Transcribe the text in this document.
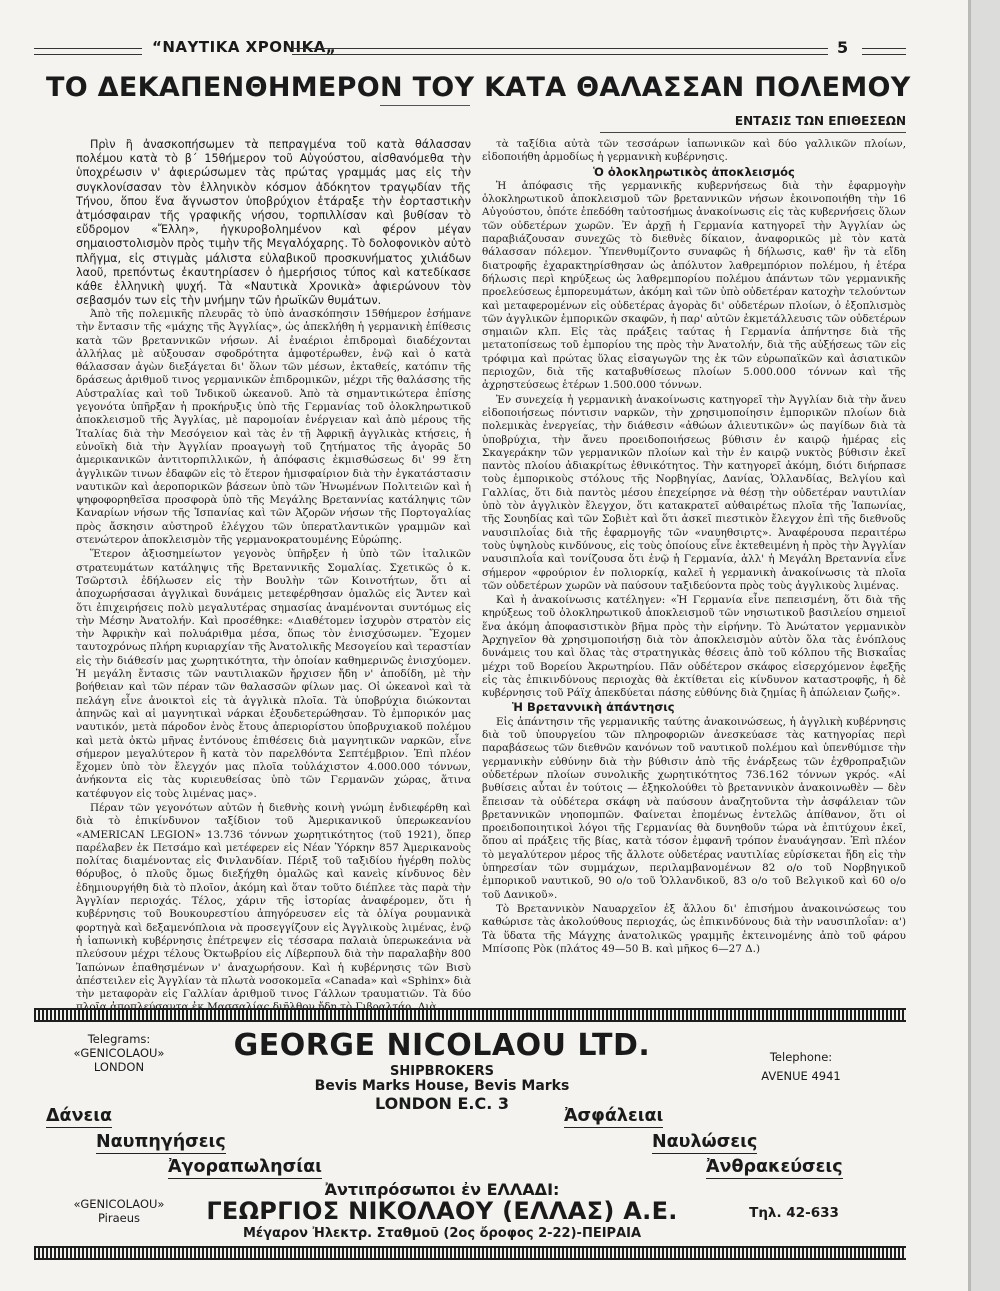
“ΝΑΥΤΙΚΑ ΧΡΟΝΙΚΑ„	5
ΤΟ ΔΕΚΑΠΕΝΘΗΜΕΡΟΝ ΤΟΥ ΚΑΤΑ ΘΑΛΑΣΣΑΝ ΠΟΛΕΜΟΥ
ΕΝΤΑΣΙΣ ΤΩΝ ΕΠΙΘΕΣΕΩΝ

Πρὶν ἢ ἀνασκοπήσωμεν τὰ πεπραγμένα τοῦ κατὰ θάλασσαν πολέμου κατὰ τὸ β΄ 15θήμερον τοῦ Αὐγούστου, αἰσθανόμεθα τὴν ὑποχρέωσιν ν' ἀφιερώσωμεν τὰς πρώτας γραμμάς μας εἰς τὴν συγκλονίσασαν τὸν ἑλληνικὸν κόσμον ἀδόκητον τραγῳδίαν τῆς Τήνου, ὅπου ἕνα ἄγνωστον ὑποβρύχιον ἐτάραξε τὴν ἑορταστικὴν ἀτμόσφαιραν τῆς γραφικῆς νήσου, τορπιλλίσαν καὶ βυθίσαν τὸ εὔδρομον «Ἔλλη», ἠγκυροβολημένον καὶ φέρον μέγαν σημαιοστολισμὸν πρὸς τιμὴν τῆς Μεγαλόχαρης. Τὸ δολοφονικὸν αὐτὸ πλῆγμα, εἰς στιγμὰς μάλιστα εὐλαβικοῦ προσκυνήματος χιλιάδων λαοῦ, πρεπόντως ἐκαυτηρίασεν ὁ ἡμερήσιος τύπος καὶ κατεδίκασε κάθε ἑλληνικὴ ψυχή. Τὰ «Ναυτικὰ Χρονικὰ» ἀφιερώνουν τὸν σεβασμόν των εἰς τὴν μνήμην τῶν ἡρωϊκῶν θυμάτων.

Ἀπὸ τῆς πολεμικῆς πλευρᾶς τὸ ὑπὸ ἀνασκόπησιν 15θήμερον ἐσήμανε τὴν ἔντασιν τῆς «μάχης τῆς Ἀγγλίας», ὡς ἀπεκλήθη ἡ γερμανικὴ ἐπίθεσις κατὰ τῶν βρεταννικῶν νήσων. Αἱ ἐναέριοι ἐπιδρομαὶ διαδέχονται ἀλλήλας μὲ αὐξουσαν σφοδρότητα ἀμφοτέρωθεν, ἐνῷ καὶ ὁ κατὰ θάλασσαν ἀγὼν διεξάγεται δι' ὅλων τῶν μέσων, ἐκταθείς, κατόπιν τῆς δράσεως ἀριθμοῦ τινος γερμανικῶν ἐπιδρομικῶν, μέχρι τῆς θαλάσσης τῆς Αὐστραλίας καὶ τοῦ Ἰνδικοῦ ὠκεανοῦ. Ἀπὸ τὰ σημαντικώτερα ἐπίσης γεγονότα ὑπῆρξαν ἡ προκήρυξις ὑπὸ τῆς Γερμανίας τοῦ ὁλοκληρωτικοῦ ἀποκλεισμοῦ τῆς Ἀγγλίας, μὲ παρομοίαν ἐνέργειαν καὶ ἀπὸ μέρους τῆς Ἰταλίας διὰ τὴν Μεσόγειον καὶ τὰς ἐν τῇ Ἀφρικῇ ἀγγλικὰς κτήσεις, ἡ εὐνοϊκὴ διὰ τὴν Ἀγγλίαν προαγωγὴ τοῦ ζητήματος τῆς ἀγορᾶς 50 ἀμερικανικῶν ἀντιτορπιλλικῶν, ἡ ἀπόφασις ἐκμισθώσεως δι' 99 ἔτη ἀγγλικῶν τινων ἐδαφῶν εἰς τὸ ἕτερον ἡμισφαίριον διὰ τὴν ἐγκατάστασιν ναυτικῶν καὶ ἀεροπορικῶν βάσεων ὑπὸ τῶν Ἡνωμένων Πολιτειῶν καὶ ἡ ψηφοφορηθεῖσα προσφορὰ ὑπὸ τῆς Μεγάλης Βρεταννίας κατάληψις τῶν Καναρίων νήσων τῆς Ἱσπανίας καὶ τῶν Ἀζορῶν νήσων τῆς Πορτογαλίας πρὸς ἄσκησιν αὐστηροῦ ἐλέγχου τῶν ὑπερατλαντικῶν γραμμῶν καὶ στενώτερον ἀποκλεισμὸν τῆς γερμανοκρατουμένης Εὐρώπης.

Ἕτερον ἀξιοσημείωτον γεγονὸς ὑπῆρξεν ἡ ὑπὸ τῶν ἰταλικῶν στρατευμάτων κατάληψις τῆς Βρεταννικῆς Σομαλίας. Σχετικῶς ὁ κ. Τσῶρτσιλ ἐδήλωσεν εἰς τὴν Βουλὴν τῶν Κοινοτήτων, ὅτι αἱ ἀποχωρήσασαι ἀγγλικαὶ δυνάμεις μετεφέρθησαν ὁμαλῶς εἰς Ἄντεν καὶ ὅτι ἐπιχειρήσεις πολὺ μεγαλυτέρας σημασίας ἀναμένονται συντόμως εἰς τὴν Μέσην Ἀνατολήν. Καὶ προσέθηκε: «Διαθέτομεν ἰσχυρὸν στρατὸν εἰς τὴν Ἀφρικὴν καὶ πολυάριθμα μέσα, ὅπως τὸν ἐνισχύσωμεν. Ἔχομεν ταυτοχρόνως πλήρη κυριαρχίαν τῆς Ἀνατολικῆς Μεσογείου καὶ τεραστίαν εἰς τὴν διάθεσίν μας χωρητικότητα, τὴν ὁποίαν καθημερινῶς ἐνισχύομεν. Ἡ μεγάλη ἔντασις τῶν ναυτιλιακῶν ἤρχισεν ἤδη ν' ἀποδίδη, μὲ τὴν βοήθειαν καὶ τῶν πέραν τῶν θαλασσῶν φίλων μας. Οἱ ὠκεανοὶ καὶ τὰ πελάγη εἶνε ἀνοικτοὶ εἰς τὰ ἀγγλικὰ πλοῖα. Τὰ ὑποβρύχια διώκονται ἀπηνῶς καὶ αἱ μαγνητικαὶ νάρκαι ἐξουδετερώθησαν. Τὸ ἐμπορικόν μας ναυτικόν, μετὰ πάροδον ἑνὸς ἔτους ἀπεριορίστου ὑποβρυχιακοῦ πολέμου καὶ μετὰ ὀκτὼ μῆνας ἐντόνους ἐπιθέσεις διὰ μαγνητικῶν ναρκῶν, εἶνε σήμερον μεγαλύτερον ἢ κατὰ τὸν παρελθόντα Σεπτέμβριον. Ἐπὶ πλέον ἔχομεν ὑπὸ τὸν ἔλεγχόν μας πλοῖα τοὐλάχιστον 4.000.000 τόννων, ἀνήκοντα εἰς τὰς κυριευθείσας ὑπὸ τῶν Γερμανῶν χώρας, ἅτινα κατέφυγον εἰς τοὺς λιμένας μας».

Πέραν τῶν γεγονότων αὐτῶν ἡ διεθνὴς κοινὴ γνώμη ἐνδιεφέρθη καὶ διὰ τὸ ἐπικίνδυνον ταξίδιον τοῦ Ἀμερικανικοῦ ὑπερωκεανίου «AMERICAN LEGION» 13.736 τόννων χωρητικότητος (τοῦ 1921), ὅπερ παρέλαβεν ἐκ Πετσάμο καὶ μετέφερεν εἰς Νέαν Ὑόρκην 857 Ἀμερικανοὺς πολίτας διαμένοντας εἰς Φινλανδίαν. Πέριξ τοῦ ταξιδίου ἠγέρθη πολὺς θόρυβος, ὁ πλοῦς ὅμως διεξήχθη ὁμαλῶς καὶ κανεὶς κίνδυνος δὲν ἐδημιουργήθη διὰ τὸ πλοῖον, ἀκόμη καὶ ὅταν τοῦτο διέπλεε τὰς παρὰ τὴν Ἀγγλίαν περιοχάς. Τέλος, χάριν τῆς ἱστορίας ἀναφέρομεν, ὅτι ἡ κυβέρνησις τοῦ Βουκουρεστίου ἀπηγόρευσεν εἰς τὰ ὀλίγα ρουμανικὰ φορτηγὰ καὶ δεξαμενόπλοια νὰ προσεγγίζουν εἰς Ἀγγλικοὺς λιμένας, ἐνῷ ἡ ἰαπωνικὴ κυβέρνησις ἐπέτρεψεν εἰς τέσσαρα παλαιὰ ὑπερωκεάνια νὰ πλεύσουν μέχρι τέλους Ὀκτωβρίου εἰς Λίβερπουλ διὰ τὴν παραλαβὴν 800 Ἰαπώνων ἐπαθησμένων ν' ἀναχωρήσουν. Καὶ ἡ κυβέρνησις τῶν Βισὺ ἀπέστειλεν εἰς Ἀγγλίαν τὰ πλωτὰ νοσοκομεῖα «Canada» καὶ «Sphinx» διὰ τὴν μεταφορὰν εἰς Γαλλίαν ἀριθμοῦ τινος Γάλλων τραυματιῶν. Τὰ δύο

τὰ ταξίδια αὐτὰ τῶν τεσσάρων ἰαπωνικῶν καὶ δύο γαλλικῶν πλοίων, εἰδοποιήθη ἁρμοδίως ἡ γερμανικὴ κυβέρνησις.

Ὁ ὁλοκληρωτικὸς ἀποκλεισμός

Ἡ ἀπόφασις τῆς γερμανικῆς κυβερνήσεως διὰ τὴν ἐφαρμογὴν ὁλοκληρωτικοῦ ἀποκλεισμοῦ τῶν βρεταννικῶν νήσων ἐκοινοποιήθη τὴν 16 Αὐγούστου, ὁπότε ἐπεδόθη ταὐτοσήμως ἀνακοίνωσις εἰς τὰς κυβερνήσεις ὅλων τῶν οὐδετέρων χωρῶν. Ἐν ἀρχῇ ἡ Γερμανία κατηγορεῖ τὴν Ἀγγλίαν ὡς παραβιάζουσαν συνεχῶς τὸ διεθνὲς δίκαιον, ἀναφορικῶς μὲ τὸν κατὰ θάλασσαν πόλεμον. Ὑπενθυμίζοντο συναφῶς ἡ δήλωσις, καθ' ἣν τὰ εἴδη διατροφῆς ἐχαρακτηρίσθησαν ὡς ἀπόλυτον λαθρεμπόριον πολέμου, ἡ ἑτέρα δήλωσις περὶ κηρύξεως ὡς λαθρεμπορίου πολέμου ἁπάντων τῶν γερμανικῆς προελεύσεως ἐμπορευμάτων, ἀκόμη καὶ τῶν ὑπὸ οὐδετέραν κατοχὴν τελούντων καὶ μεταφερομένων εἰς οὐδετέρας ἀγορὰς δι' οὐδετέρων πλοίων, ὁ ἐξοπλισμὸς τῶν ἀγγλικῶν ἐμπορικῶν σκαφῶν, ἡ παρ' αὐτῶν ἐκμετάλλευσις τῶν οὐδετέρων σημαιῶν κλπ. Εἰς τὰς πράξεις ταύτας ἡ Γερμανία ἀπήντησε διὰ τῆς μετατοπίσεως τοῦ ἐμπορίου της πρὸς τὴν Ἀνατολήν, διὰ τῆς αὐξήσεως τῶν εἰς τρόφιμα καὶ πρώτας ὕλας εἰσαγωγῶν της ἐκ τῶν εὐρωπαϊκῶν καὶ ἀσιατικῶν περιοχῶν, διὰ τῆς καταβυθίσεως πλοίων 5.000.000 τόννων καὶ τῆς ἀχρηστεύσεως ἑτέρων 1.500.000 τόννων.

Ἐν συνεχείᾳ ἡ γερμανικὴ ἀνακοίνωσις κατηγορεῖ τὴν Ἀγγλίαν διὰ τὴν ἄνευ εἰδοποιήσεως πόντισιν ναρκῶν, τὴν χρησιμοποίησιν ἐμπορικῶν πλοίων διὰ πολεμικὰς ἐνεργείας, τὴν διάθεσιν «ἀθώων ἁλιευτικῶν» ὡς παγίδων διὰ τὰ ὑποβρύχια, τὴν ἄνευ προειδοποιήσεως βύθισιν ἐν καιρῷ ἡμέρας εἰς Σκαγεράκην τῶν γερμανικῶν πλοίων καὶ τὴν ἐν καιρῷ νυκτὸς βύθισιν ἐκεῖ παντὸς πλοίου ἀδιακρίτως ἐθνικότητος. Τὴν κατηγορεῖ ἀκόμη, διότι διήρπασε τοὺς ἐμπορικοὺς στόλους τῆς Νορβηγίας, Δανίας, Ὁλλανδίας, Βελγίου καὶ Γαλλίας, ὅτι διὰ παντὸς μέσου ἐπεχείρησε νὰ θέσῃ τὴν οὐδετέραν ναυτιλίαν ὑπὸ τὸν ἀγγλικὸν ἔλεγχον, ὅτι κατακρατεῖ αὐθαιρέτως πλοῖα τῆς Ἰαπωνίας, τῆς Σουηδίας καὶ τῶν Σοβιὲτ καὶ ὅτι ἀσκεῖ πιεστικὸν ἔλεγχον ἐπὶ τῆς διεθνοῦς ναυσιπλοΐας διὰ τῆς ἐφαρμογῆς τῶν «ναυηθσιρτς». Ἀναφέρουσα περαιτέρω τοὺς ὑψηλοὺς κινδύνους, εἰς τοὺς ὁποίους εἶνε ἐκτεθειμένη ἡ πρὸς τὴν Ἀγγλίαν ναυσιπλοΐα καὶ τονίζουσα ὅτι ἐνῷ ἡ Γερμανία, ἀλλ' ἡ Μεγάλη Βρεταννία εἶνε σήμερον «φρούριον ἐν πολιορκίᾳ, καλεῖ ἡ γερμανικὴ ἀνακοίνωσις τὰ πλοῖα τῶν οὐδετέρων χωρῶν νὰ παύσουν ταξιδεύοντα πρὸς τοὺς ἀγγλικοὺς λιμένας.

Καὶ ἡ ἀνακοίνωσις κατέληγεν: «Ἡ Γερμανία εἶνε πεπεισμένη, ὅτι διὰ τῆς κηρύξεως τοῦ ὁλοκληρωτικοῦ ἀποκλεισμοῦ τῶν νησιωτικοῦ βασιλείου σημειοῖ ἕνα ἀκόμη ἀποφασιστικὸν βῆμα πρὸς τὴν εἰρήνην. Τὸ Ἀνώτατον γερμανικὸν Ἀρχηγεῖον θὰ χρησιμοποιήσῃ διὰ τὸν ἀποκλεισμὸν αὐτὸν ὅλα τὰς ἐνόπλους δυνάμεις του καὶ ὅλας τὰς στρατηγικὰς θέσεις ἀπὸ τοῦ κόλπου τῆς Βισκαΐας μέχρι τοῦ Βορείου Ἀκρωτηρίου. Πᾶν οὐδέτερον σκάφος εἰσερχόμενον ἐφεξῆς εἰς τὰς ἐπικινδύνους περιοχὰς θὰ ἐκτίθεται εἰς κίνδυνον καταστροφῆς, ἡ δὲ κυβέρνησις τοῦ Ράϊχ ἀπεκδύεται πάσης εὐθύνης διὰ ζημίας ἢ ἀπώλειαν ζωῆς».

Ἡ Βρεταννικὴ ἀπάντησις

Εἰς ἀπάντησιν τῆς γερμανικῆς ταύτης ἀνακοινώσεως, ἡ ἀγγλικὴ κυβέρνησις διὰ τοῦ ὑπουργείου τῶν πληροφοριῶν ἀνεσκεύασε τὰς κατηγορίας περὶ παραβάσεως τῶν διεθνῶν κανόνων τοῦ ναυτικοῦ πολέμου καὶ ὑπενθύμισε τὴν γερμανικὴν εὐθύνην διὰ τὴν βύθισιν ἀπὸ τῆς ἐνάρξεως τῶν ἐχθροπραξιῶν οὐδετέρων πλοίων συνολικῆς χωρητικότητος 736.162 τόννων γκρός. «Αἱ βυθίσεις αὗται ἐν τούτοις — ἐξηκολούθει τὸ βρεταννικὸν ἀνακοινωθὲν — δὲν ἔπεισαν τὰ οὐδέτερα σκάφη νὰ παύσουν ἀναζητοῦντα τὴν ἀσφάλειαν τῶν βρεταννικῶν νηοπομπῶν. Φαίνεται ἑπομένως ἐντελῶς ἀπίθανον, ὅτι οἱ προειδοποιητικοὶ λόγοι τῆς Γερμανίας θὰ δυνηθοῦν τώρα νὰ ἐπιτύχουν ἐκεῖ, ὅπου αἱ πράξεις τῆς βίας, κατὰ τόσον ἐμφανῆ τρόπον ἐναυάγησαν. Ἐπὶ πλέον τὸ μεγαλύτερον μέρος τῆς ἄλλοτε οὐδετέρας ναυτιλίας εὑρίσκεται ἤδη εἰς τὴν ὑπηρεσίαν τῶν συμμάχων, περιλαμβανομένων 82 ο/ο τοῦ Νορβηγικοῦ ἐμπορικοῦ ναυτικοῦ, 90 ο/ο τοῦ Ὁλλανδικοῦ, 83 ο/ο τοῦ Βελγικοῦ καὶ 60 ο/ο τοῦ Δανικοῦ».

Τὸ Βρεταννικὸν Ναυαρχεῖον ἐξ ἄλλου δι' ἐπισήμου ἀνακοινώσεως του καθώρισε τὰς ἀκολούθους περιοχάς, ὡς ἐπικινδύνους διὰ τὴν ναυσιπλοΐαν: α') Τὰ ὕδατα τῆς Μάγχης ἀνατολικῶς γραμμῆς ἐκτεινομένης ἀπὸ τοῦ φάρου Μπίσοπς Ρὸκ (πλάτος 49—50 Β. καὶ μῆκος 6—27 Δ.)

Telegrams:
«GENICOLAOU»
LONDON
GEORGE NICOLAOU LTD.
SHIPBROKERS
Bevis Marks House, Bevis Marks
LONDON E.C. 3
Telephone:
AVENUE 4941
Δάνεια	Ἀσφάλειαι
Ναυπηγήσεις	Ναυλώσεις
Ἀγοραπωλησίαι	Ἀνθρακεύσεις
Ἀντιπρόσωποι ἐν ΕΛΛΑΔΙ:
«GENICOLAOU»
Piraeus	ΓΕΩΡΓΙΟΣ ΝΙΚΟΛΑΟΥ (ΕΛΛΑΣ) Α.Ε.
Μέγαρον Ἠλεκτρ. Σταθμοῦ (2ος ὄροφος 2-22)-ΠΕΙΡΑΙΑ
Τηλ. 42-633
